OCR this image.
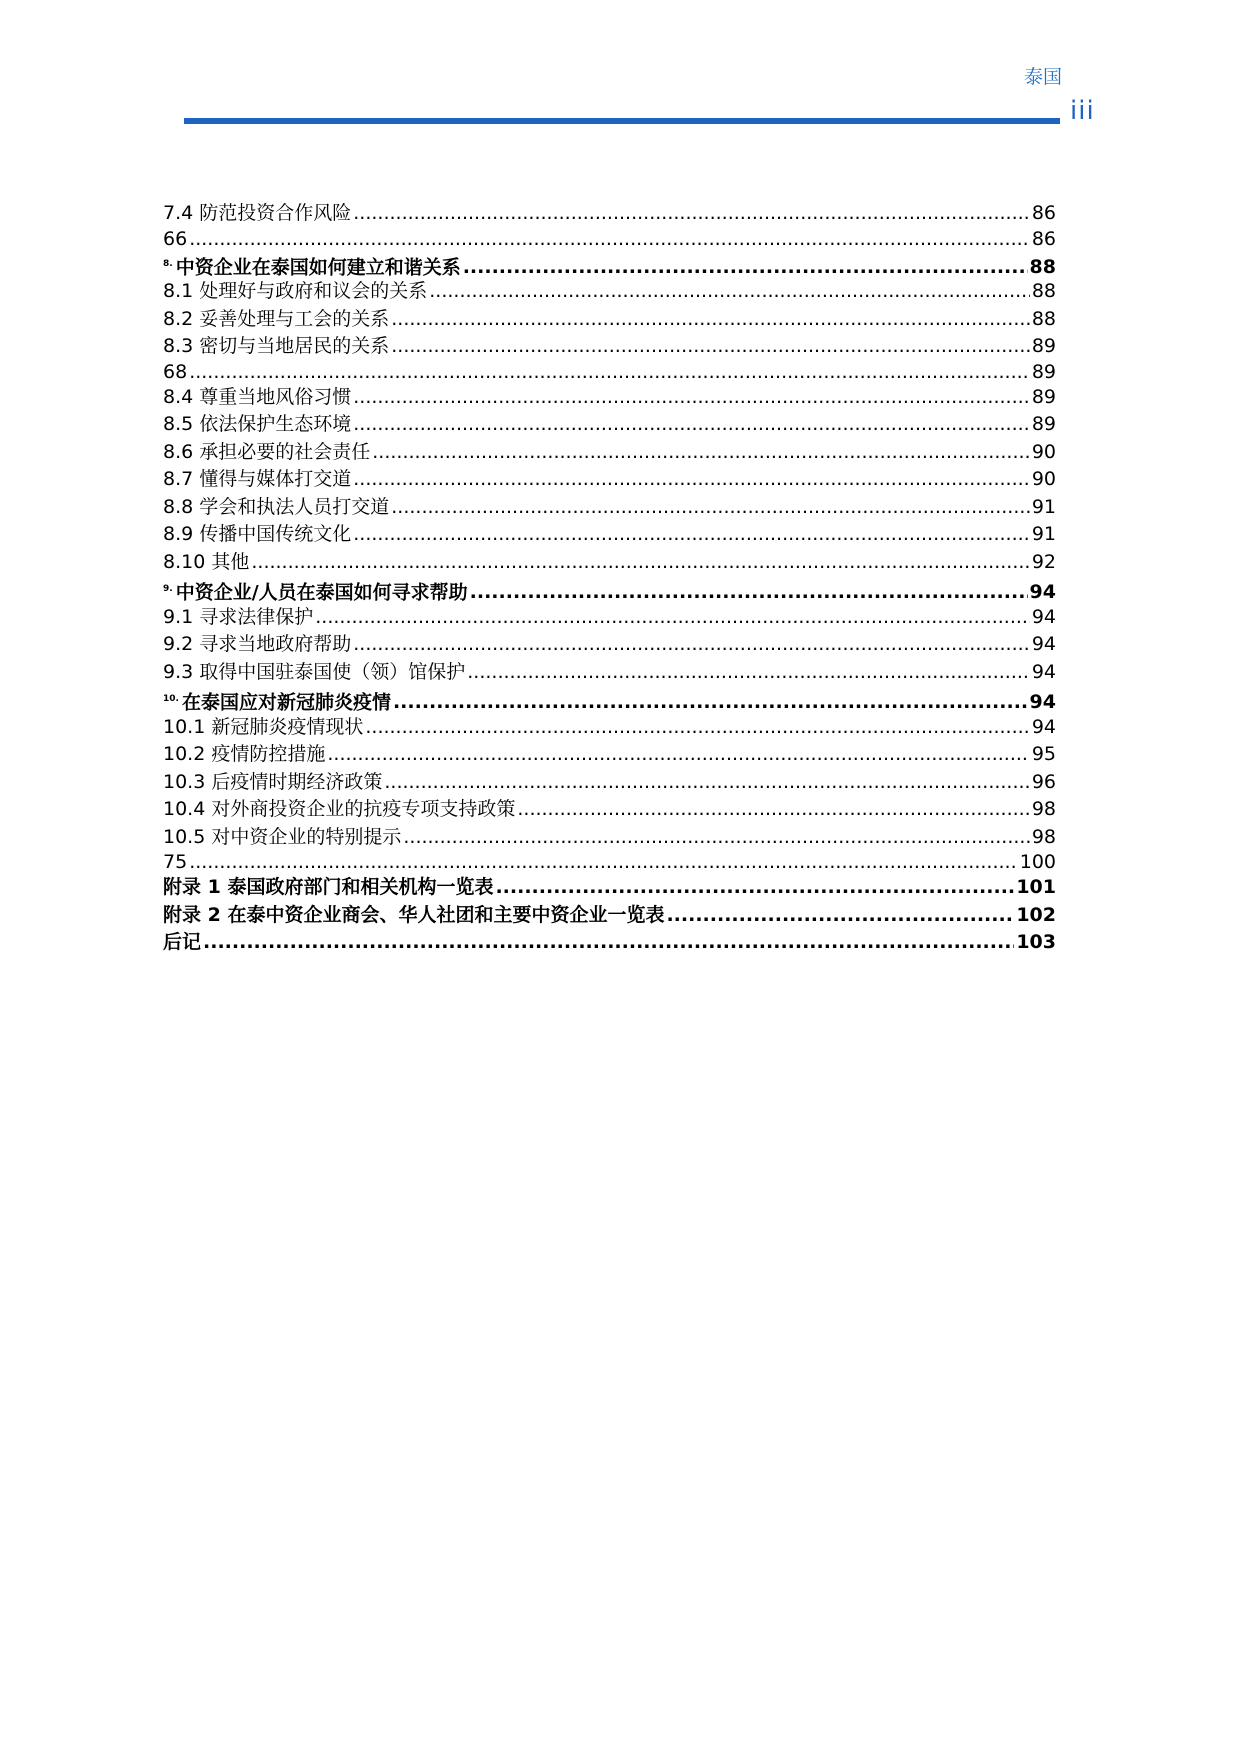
泰国
iii
7.4 防范投资合作风险 .....	86
66 .....	86
$^{8.}$ 中资企业在泰国如何建立和谐关系 .....	88
8.1 处理好与政府和议会的关系 .....	88
8.2 妥善处理与工会的关系 .....	88
8.3 密切与当地居民的关系 .....	89
68 .....	89
8.4 尊重当地风俗习惯 .....	89
8.5 依法保护生态环境 .....	89
8.6 承担必要的社会责任 .....	90
8.7 懂得与媒体打交道 .....	90
8.8 学会和执法人员打交道 .....	91
8.9 传播中国传统文化 .....	91
8.10 其他 .....	92
$^{9.}$ 中资企业/人员在泰国如何寻求帮助 .....	94
9.1 寻求法律保护 .....	94
9.2 寻求当地政府帮助 .....	94
9.3 取得中国驻泰国使（领）馆保护 .....	94
$^{10.}$ 在泰国应对新冠肺炎疫情 .....	94
10.1 新冠肺炎疫情现状 .....	94
10.2 疫情防控措施 .....	95
10.3 后疫情时期经济政策 .....	96
10.4 对外商投资企业的抗疫专项支持政策 .....	98
10.5 对中资企业的特别提示 .....	98
75 .....	100
附录 1 泰国政府部门和相关机构一览表 .....	101
附录 2 在泰中资企业商会、华人社团和主要中资企业一览表 .....	102
后记 .....	103
